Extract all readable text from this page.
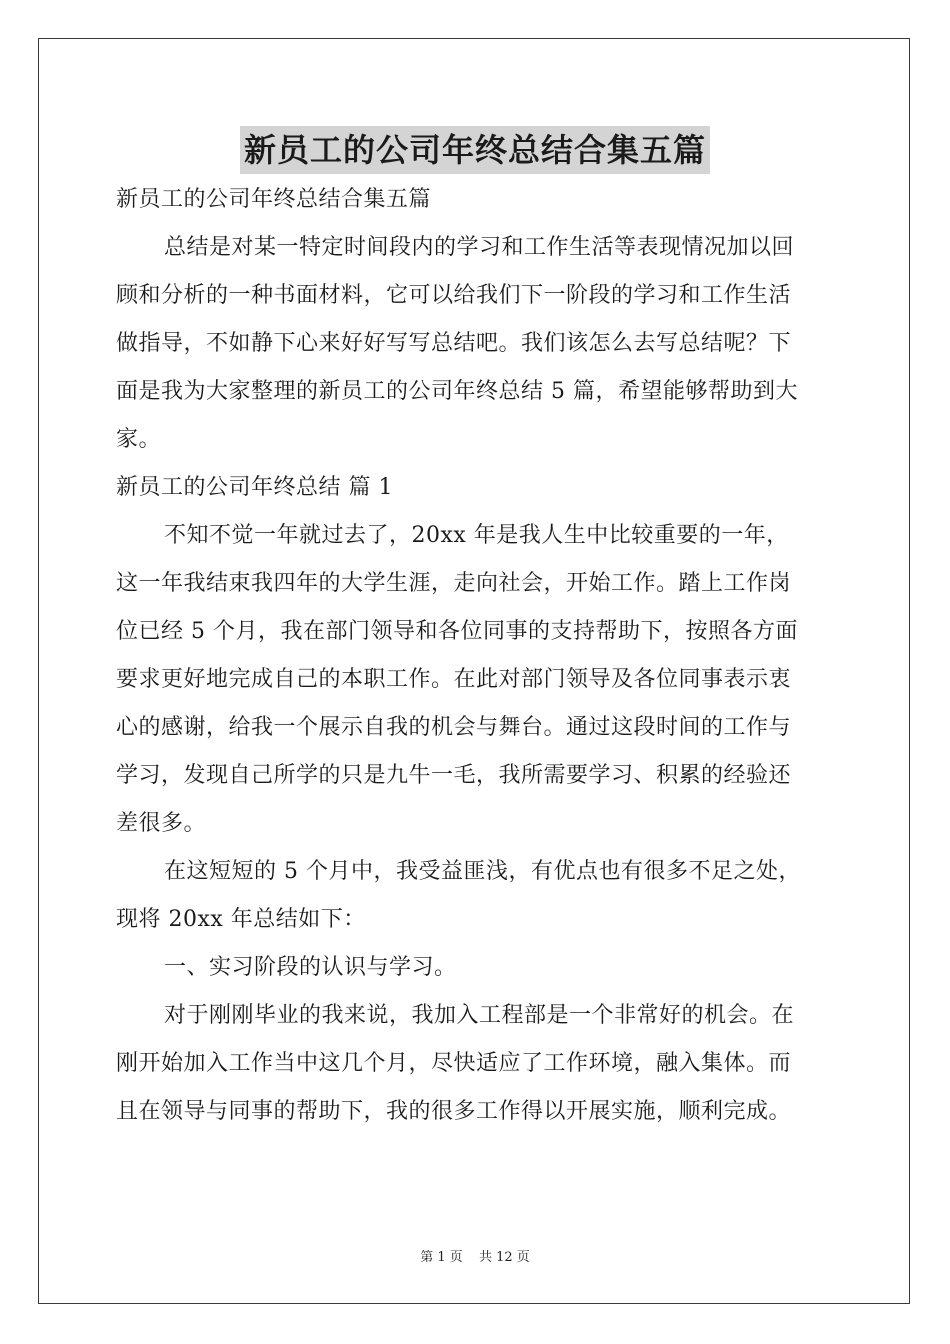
新员工的公司年终总结合集五篇

新员工的公司年终总结合集五篇

总结是对某一特定时间段内的学习和工作生活等表现情况加以回

顾和分析的一种书面材料，它可以给我们下一阶段的学习和工作生活

做指导，不如静下心来好好写写总结吧。我们该怎么去写总结呢？下

面是我为大家整理的新员工的公司年终总结 5 篇，希望能够帮助到大

家。

新员工的公司年终总结 篇 1

不知不觉一年就过去了，20xx 年是我人生中比较重要的一年，

这一年我结束我四年的大学生涯，走向社会，开始工作。踏上工作岗

位已经 5 个月，我在部门领导和各位同事的支持帮助下，按照各方面

要求更好地完成自己的本职工作。在此对部门领导及各位同事表示衷

心的感谢，给我一个展示自我的机会与舞台。通过这段时间的工作与

学习，发现自己所学的只是九牛一毛，我所需要学习、积累的经验还

差很多。

在这短短的 5 个月中，我受益匪浅，有优点也有很多不足之处，

现将 20xx 年总结如下：

一、实习阶段的认识与学习。

对于刚刚毕业的我来说，我加入工程部是一个非常好的机会。在

刚开始加入工作当中这几个月，尽快适应了工作环境，融入集体。而

且在领导与同事的帮助下，我的很多工作得以开展实施，顺利完成。

第 1 页 共 12 页
